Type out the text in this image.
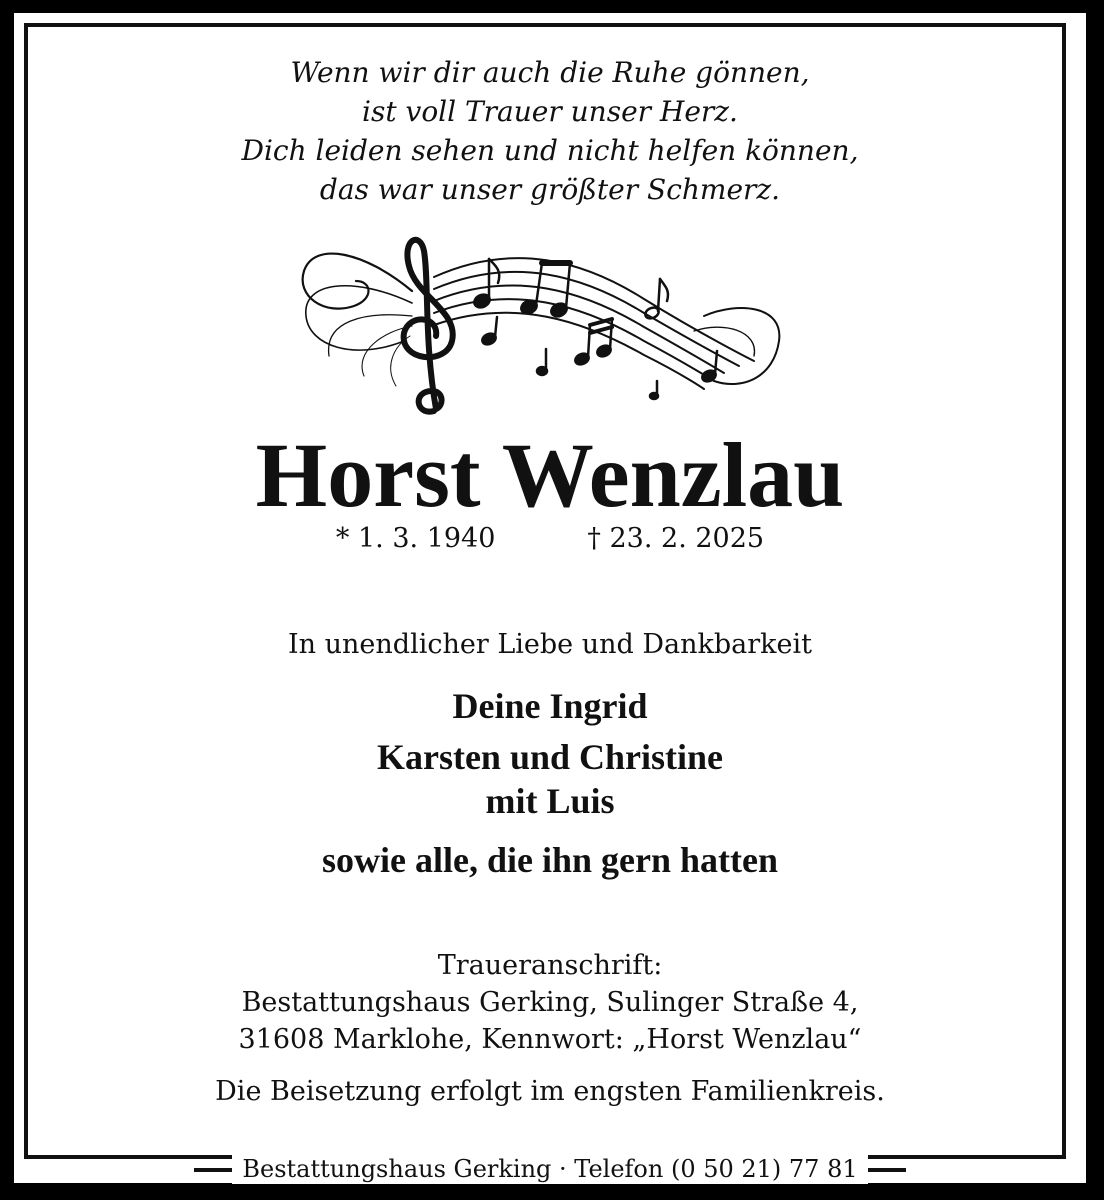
Wenn wir dir auch die Ruhe gönnen,
ist voll Trauer unser Herz.
Dich leiden sehen und nicht helfen können,
das war unser größter Schmerz.
Horst Wenzlau
* 1. 3. 1940	† 23. 2. 2025
In unendlicher Liebe und Dankbarkeit
Deine Ingrid
Karsten und Christine
mit Luis
sowie alle, die ihn gern hatten
Traueranschrift:
Bestattungshaus Gerking, Sulinger Straße 4,
31608 Marklohe, Kennwort: „Horst Wenzlau“
Die Beisetzung erfolgt im engsten Familienkreis.
Bestattungshaus Gerking · Telefon (0 50 21) 77 81
